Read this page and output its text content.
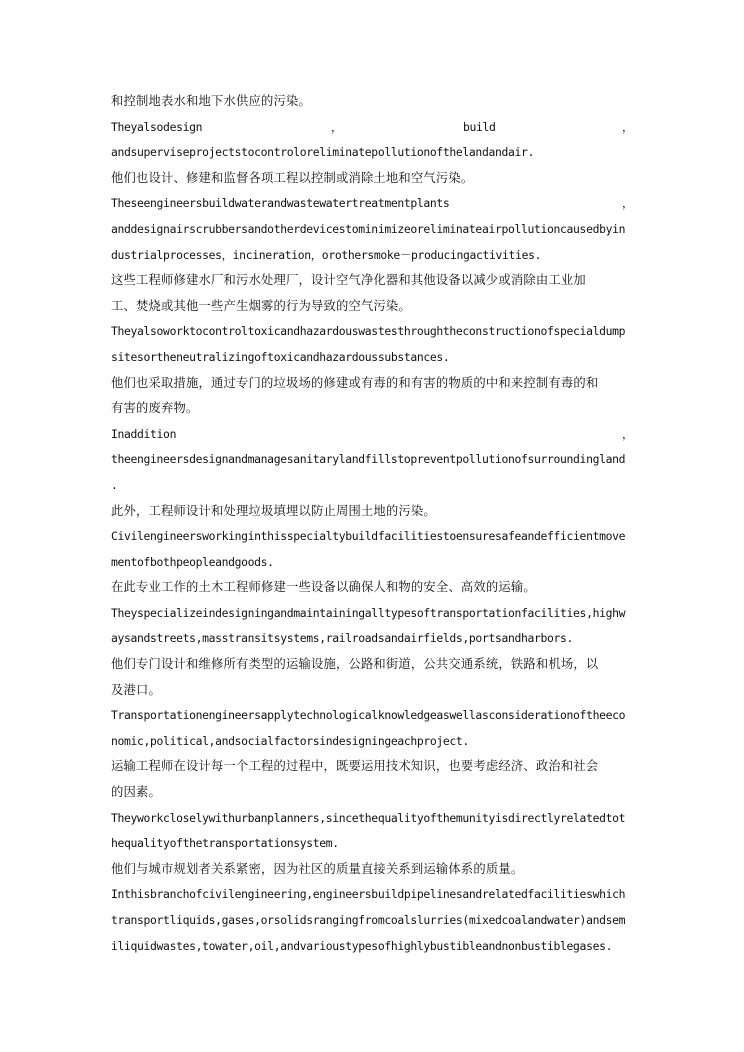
和控制地表水和地下水供应的污染。
Theyalsodesign	，	build	，
andsuperviseprojectstocontroloreliminatepollutionofthelandandair.
他们也设计、修建和监督各项工程以控制或消除土地和空气污染。
Theseengineersbuildwaterandwastewatertreatmentplants	，
anddesignairscrubbersandotherdevicestominimizeoreliminateairpollutioncausedbyin
dustrialprocesses，incineration，orothersmoke－producingactivities.
这些工程师修建水厂和污水处理厂，设计空气净化器和其他设备以减少或消除由工业加
工、焚烧或其他一些产生烟雾的行为导致的空气污染。
Theyalsoworktocontroltoxicandhazardouswastesthroughtheconstructionofspecialdump
sitesortheneutralizingoftoxicandhazardoussubstances.
他们也采取措施，通过专门的垃圾场的修建或有毒的和有害的物质的中和来控制有毒的和
有害的废弃物。
Inaddition	，
theengineersdesignandmanagesanitarylandfillstopreventpollutionofsurroundingland
.
此外，工程师设计和处理垃圾填埋以防止周围土地的污染。
Civilengineersworkinginthisspecialtybuildfacilitiestoensuresafeandefficientmove
mentofbothpeopleandgoods.
在此专业工作的土木工程师修建一些设备以确保人和物的安全、高效的运输。
Theyspecializeindesigningandmaintainingalltypesoftransportationfacilities,highw
aysandstreets,masstransitsystems,railroadsandairfields,portsandharbors.
他们专门设计和维修所有类型的运输设施，公路和街道，公共交通系统，铁路和机场，以
及港口。
Transportationengineersapplytechnologicalknowledgeaswellasconsiderationoftheeco
nomic,political,andsocialfactorsindesigningeachproject.
运输工程师在设计每一个工程的过程中，既要运用技术知识，也要考虑经济、政治和社会
的因素。
Theyworkcloselywithurbanplanners,sincethequalityofthemunityisdirectlyrelatedtot
hequalityofthetransportationsystem.
他们与城市规划者关系紧密，因为社区的质量直接关系到运输体系的质量。
Inthisbranchofcivilengineering,engineersbuildpipelinesandrelatedfacilitieswhich
transportliquids,gases,orsolidsrangingfromcoalslurries(mixedcoalandwater)andsem
iliquidwastes,towater,oil,andvarioustypesofhighlybustibleandnonbustiblegases.
